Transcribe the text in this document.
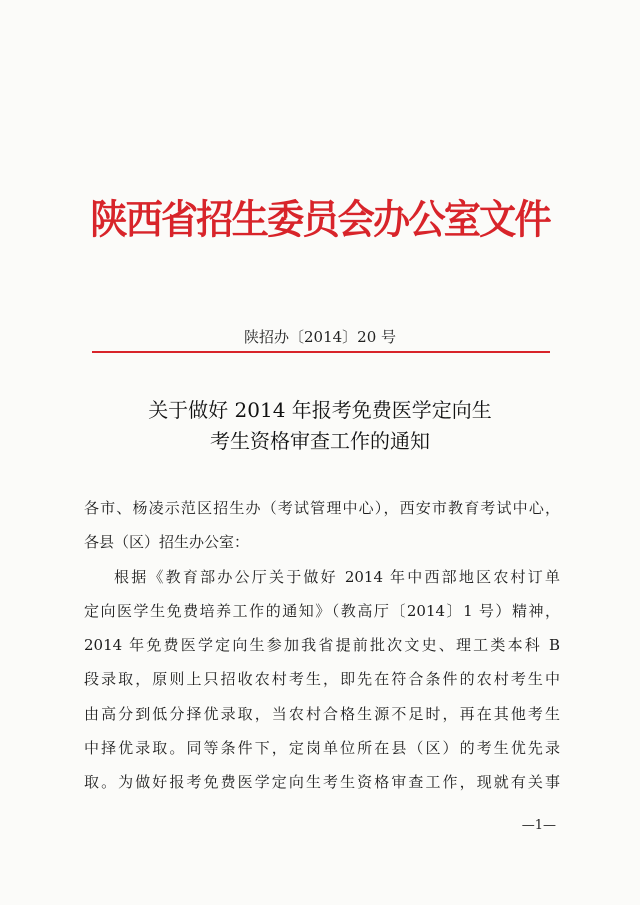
陕西省招生委员会办公室文件
陕招办〔2014〕20 号
关于做好 2014 年报考免费医学定向生
考生资格审查工作的通知
各市、杨凌示范区招生办（考试管理中心），西安市教育考试中心，
各县（区）招生办公室：
根据《教育部办公厅关于做好 2014 年中西部地区农村订单
定向医学生免费培养工作的通知》（教高厅〔2014〕1 号）精神，
2014 年免费医学定向生参加我省提前批次文史、理工类本科 B
段录取，原则上只招收农村考生，即先在符合条件的农村考生中
由高分到低分择优录取，当农村合格生源不足时，再在其他考生
中择优录取。同等条件下，定岗单位所在县（区）的考生优先录
取。为做好报考免费医学定向生考生资格审查工作，现就有关事
—1—
